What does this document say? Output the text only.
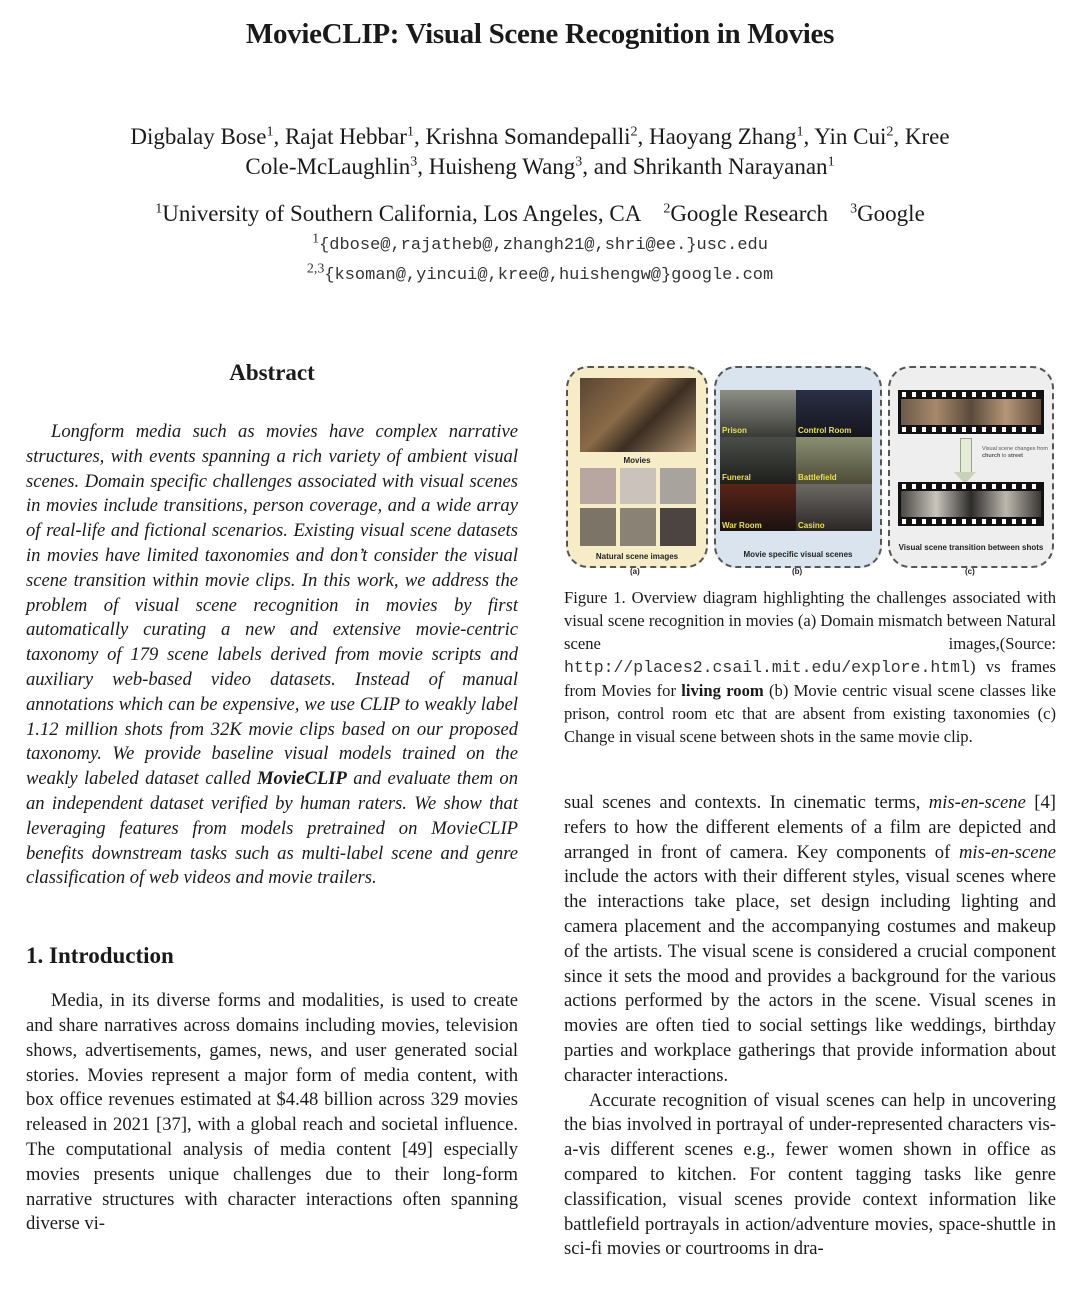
MovieCLIP: Visual Scene Recognition in Movies
Digbalay Bose$^1$, Rajat Hebbar$^1$, Krishna Somandepalli$^2$, Haoyang Zhang$^1$, Yin Cui$^2$, Kree
Cole-McLaughlin$^3$, Huisheng Wang$^3$, and Shrikanth Narayanan$^1$
$^1$University of Southern California, Los Angeles, CA $^2$Google Research $^3$Google
$^1${dbose@,rajatheb@,zhangh21@,shri@ee.}usc.edu
$^{2,3}${ksoman@,yincui@,kree@,huishengw@}google.com
Abstract

Longform media such as movies have complex narrative structures, with events spanning a rich variety of ambient visual scenes. Domain specific challenges associated with visual scenes in movies include transitions, person coverage, and a wide array of real-life and fictional scenarios. Existing visual scene datasets in movies have limited taxonomies and don’t consider the visual scene transition within movie clips. In this work, we address the problem of visual scene recognition in movies by first automatically curating a new and extensive movie-centric taxonomy of 179 scene labels derived from movie scripts and auxiliary web-based video datasets. Instead of manual annotations which can be expensive, we use CLIP to weakly label 1.12 million shots from 32K movie clips based on our proposed taxonomy. We provide baseline visual models trained on the weakly labeled dataset called MovieCLIP and evaluate them on an independent dataset verified by human raters. We show that leveraging features from models pretrained on MovieCLIP benefits downstream tasks such as multi-label scene and genre classification of web videos and movie trailers.

1. Introduction

Media, in its diverse forms and modalities, is used to create and share narratives across domains including movies, television shows, advertisements, games, news, and user generated social stories. Movies represent a major form of media content, with box office revenues estimated at $4.48 billion across 329 movies released in 2021 [37], with a global reach and societal influence. The computational analysis of media content [49] especially movies presents unique challenges due to their long-form narrative structures with character interactions often spanning diverse vi-

Movies
Natural scene images
(a)
Prison	Control Room
Funeral	Battlefield
War Room	Casino
Movie specific visual scenes
(b)
Visual scene changes from church to street
Visual scene transition between shots
(c)
Figure 1. Overview diagram highlighting the challenges associated with visual scene recognition in movies (a) Domain mismatch between Natural scene images,(Source: http://places2.csail.mit.edu/explore.html) vs frames from Movies for living room (b) Movie centric visual scene classes like prison, control room etc that are absent from existing taxonomies (c) Change in visual scene between shots in the same movie clip.

sual scenes and contexts. In cinematic terms, mis-en-scene [4] refers to how the different elements of a film are depicted and arranged in front of camera. Key components of mis-en-scene include the actors with their different styles, visual scenes where the interactions take place, set design including lighting and camera placement and the accompanying costumes and makeup of the artists. The visual scene is considered a crucial component since it sets the mood and provides a background for the various actions performed by the actors in the scene. Visual scenes in movies are often tied to social settings like weddings, birthday parties and workplace gatherings that provide information about character interactions.

Accurate recognition of visual scenes can help in uncovering the bias involved in portrayal of under-represented characters vis-a-vis different scenes e.g., fewer women shown in office as compared to kitchen. For content tagging tasks like genre classification, visual scenes provide context information like battlefield portrayals in action/adventure movies, space-shuttle in sci-fi movies or courtrooms in dra-
